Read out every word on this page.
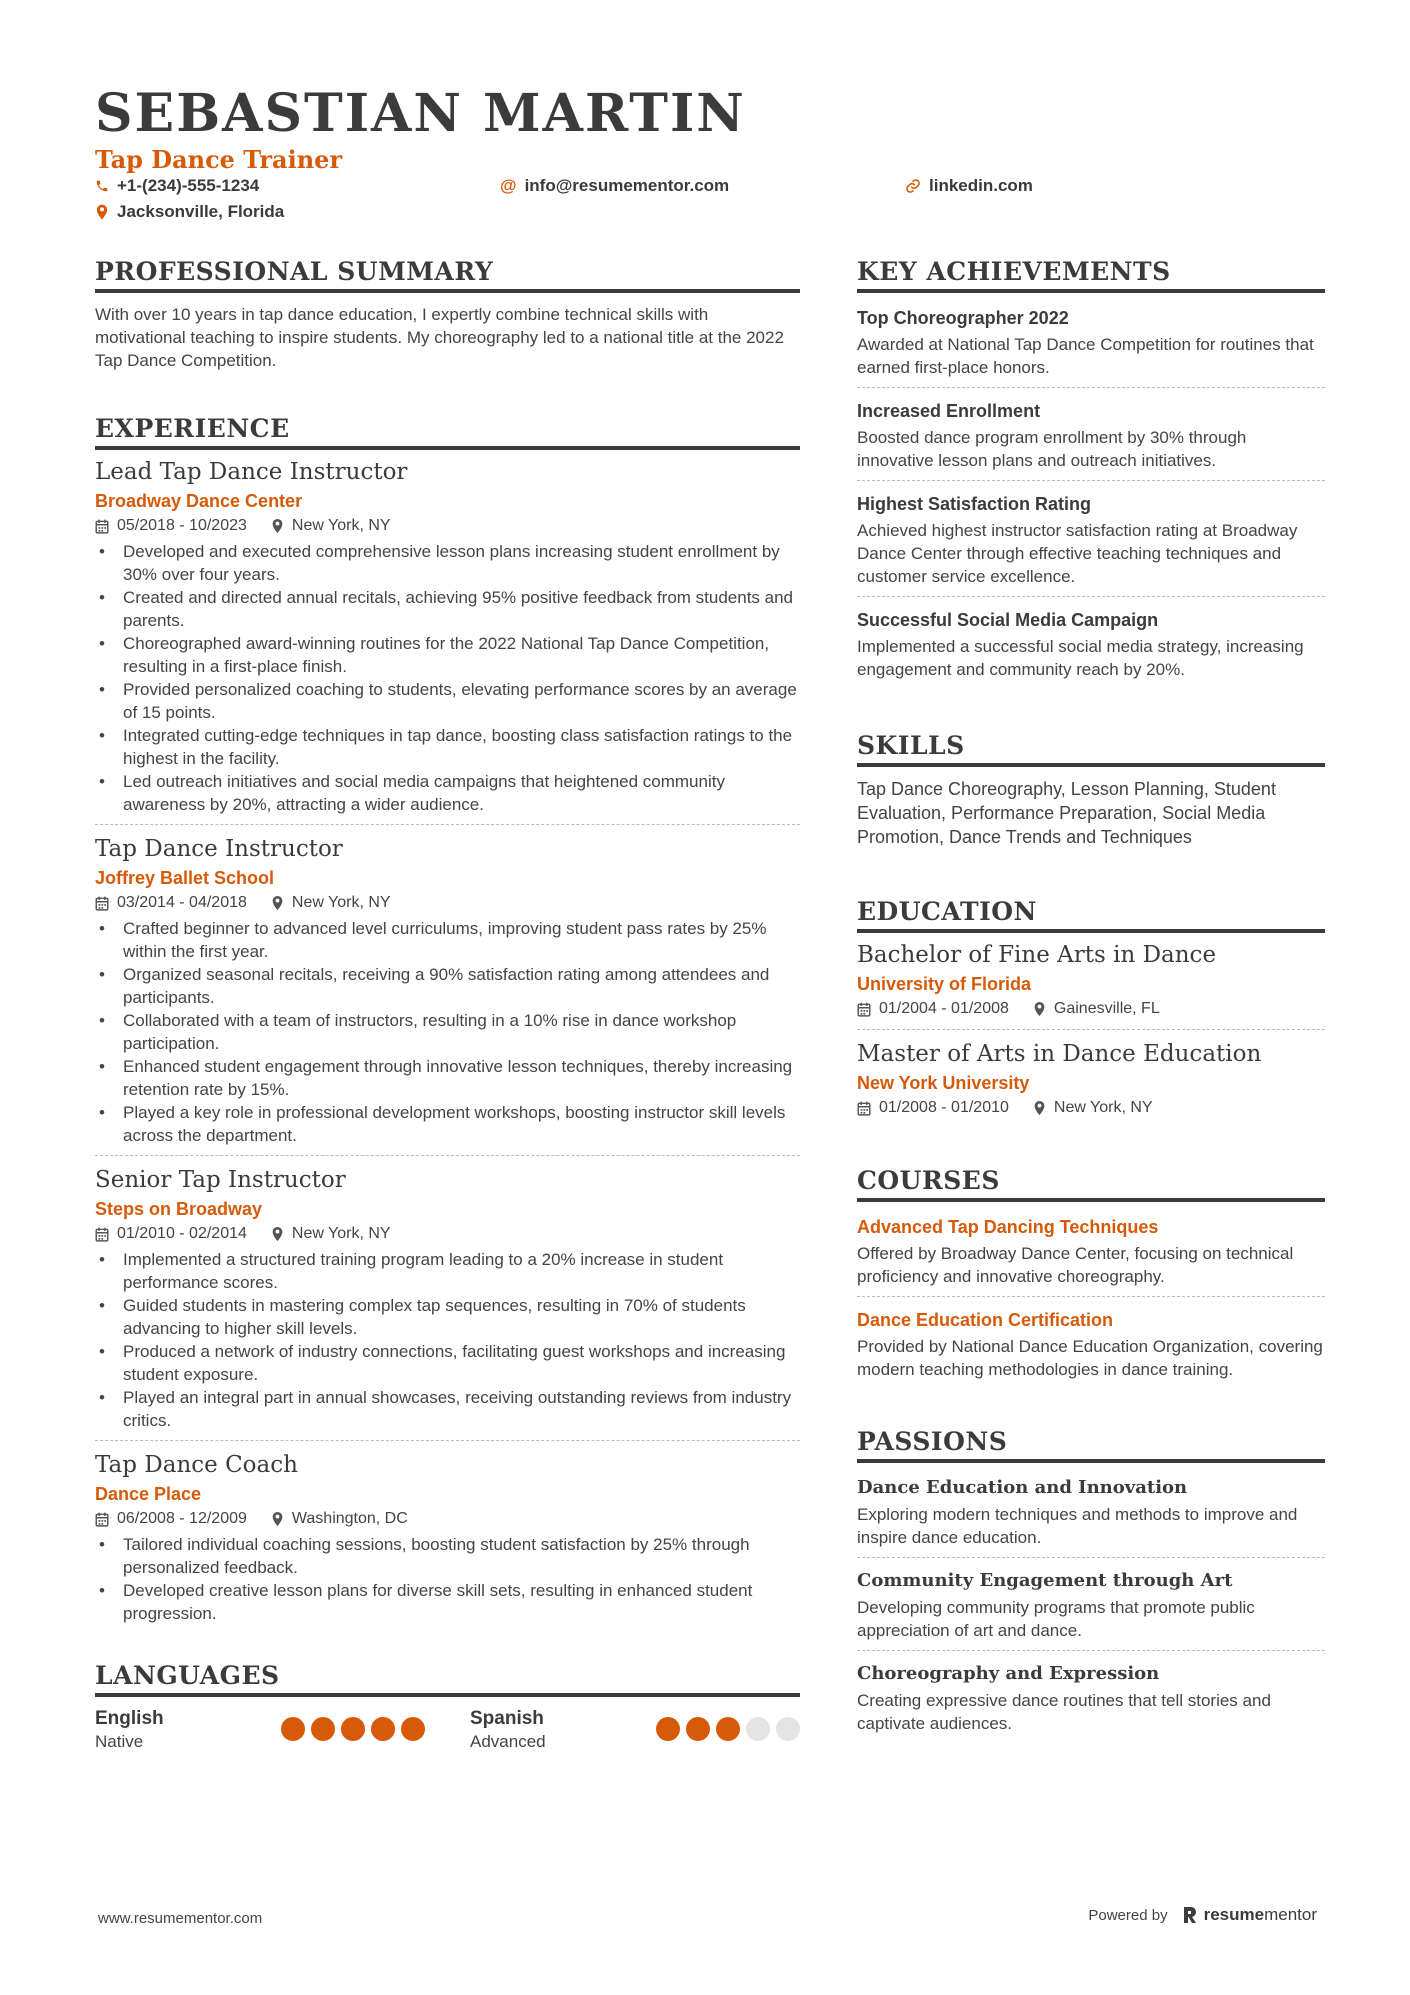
SEBASTIAN MARTIN
Tap Dance Trainer
+1-(234)-555-1234	@ info@resumementor.com	linkedin.com
Jacksonville, Florida
PROFESSIONAL SUMMARY

With over 10 years in tap dance education, I expertly combine technical skills with motivational teaching to inspire students. My choreography led to a national title at the 2022 Tap Dance Competition.

EXPERIENCE
Lead Tap Dance Instructor
Broadway Dance Center
05/2018 - 10/2023	New York, NY
• Developed and executed comprehensive lesson plans increasing student enrollment by 30% over four years.
• Created and directed annual recitals, achieving 95% positive feedback from students and parents.
• Choreographed award-winning routines for the 2022 National Tap Dance Competition, resulting in a first-place finish.
• Provided personalized coaching to students, elevating performance scores by an average of 15 points.
• Integrated cutting-edge techniques in tap dance, boosting class satisfaction ratings to the highest in the facility.
• Led outreach initiatives and social media campaigns that heightened community awareness by 20%, attracting a wider audience.
Tap Dance Instructor
Joffrey Ballet School
03/2014 - 04/2018	New York, NY
• Crafted beginner to advanced level curriculums, improving student pass rates by 25% within the first year.
• Organized seasonal recitals, receiving a 90% satisfaction rating among attendees and participants.
• Collaborated with a team of instructors, resulting in a 10% rise in dance workshop participation.
• Enhanced student engagement through innovative lesson techniques, thereby increasing retention rate by 15%.
• Played a key role in professional development workshops, boosting instructor skill levels across the department.
Senior Tap Instructor
Steps on Broadway
01/2010 - 02/2014	New York, NY
• Implemented a structured training program leading to a 20% increase in student performance scores.
• Guided students in mastering complex tap sequences, resulting in 70% of students advancing to higher skill levels.
• Produced a network of industry connections, facilitating guest workshops and increasing student exposure.
• Played an integral part in annual showcases, receiving outstanding reviews from industry critics.
Tap Dance Coach
Dance Place
06/2008 - 12/2009	Washington, DC
• Tailored individual coaching sessions, boosting student satisfaction by 25% through personalized feedback.
• Developed creative lesson plans for diverse skill sets, resulting in enhanced student progression.
LANGUAGES
English
Native
Spanish
Advanced
KEY ACHIEVEMENTS
Top Choreographer 2022
Awarded at National Tap Dance Competition for routines that earned first-place honors.
Increased Enrollment
Boosted dance program enrollment by 30% through innovative lesson plans and outreach initiatives.
Highest Satisfaction Rating
Achieved highest instructor satisfaction rating at Broadway Dance Center through effective teaching techniques and customer service excellence.
Successful Social Media Campaign
Implemented a successful social media strategy, increasing engagement and community reach by 20%.
SKILLS

Tap Dance Choreography, Lesson Planning, Student Evaluation, Performance Preparation, Social Media Promotion, Dance Trends and Techniques

EDUCATION
Bachelor of Fine Arts in Dance
University of Florida
01/2004 - 01/2008	Gainesville, FL
Master of Arts in Dance Education
New York University
01/2008 - 01/2010	New York, NY
COURSES
Advanced Tap Dancing Techniques
Offered by Broadway Dance Center, focusing on technical proficiency and innovative choreography.
Dance Education Certification
Provided by National Dance Education Organization, covering modern teaching methodologies in dance training.
PASSIONS
Dance Education and Innovation
Exploring modern techniques and methods to improve and inspire dance education.
Community Engagement through Art
Developing community programs that promote public appreciation of art and dance.
Choreography and Expression
Creating expressive dance routines that tell stories and captivate audiences.
www.resumementor.com	Powered by resumementor
